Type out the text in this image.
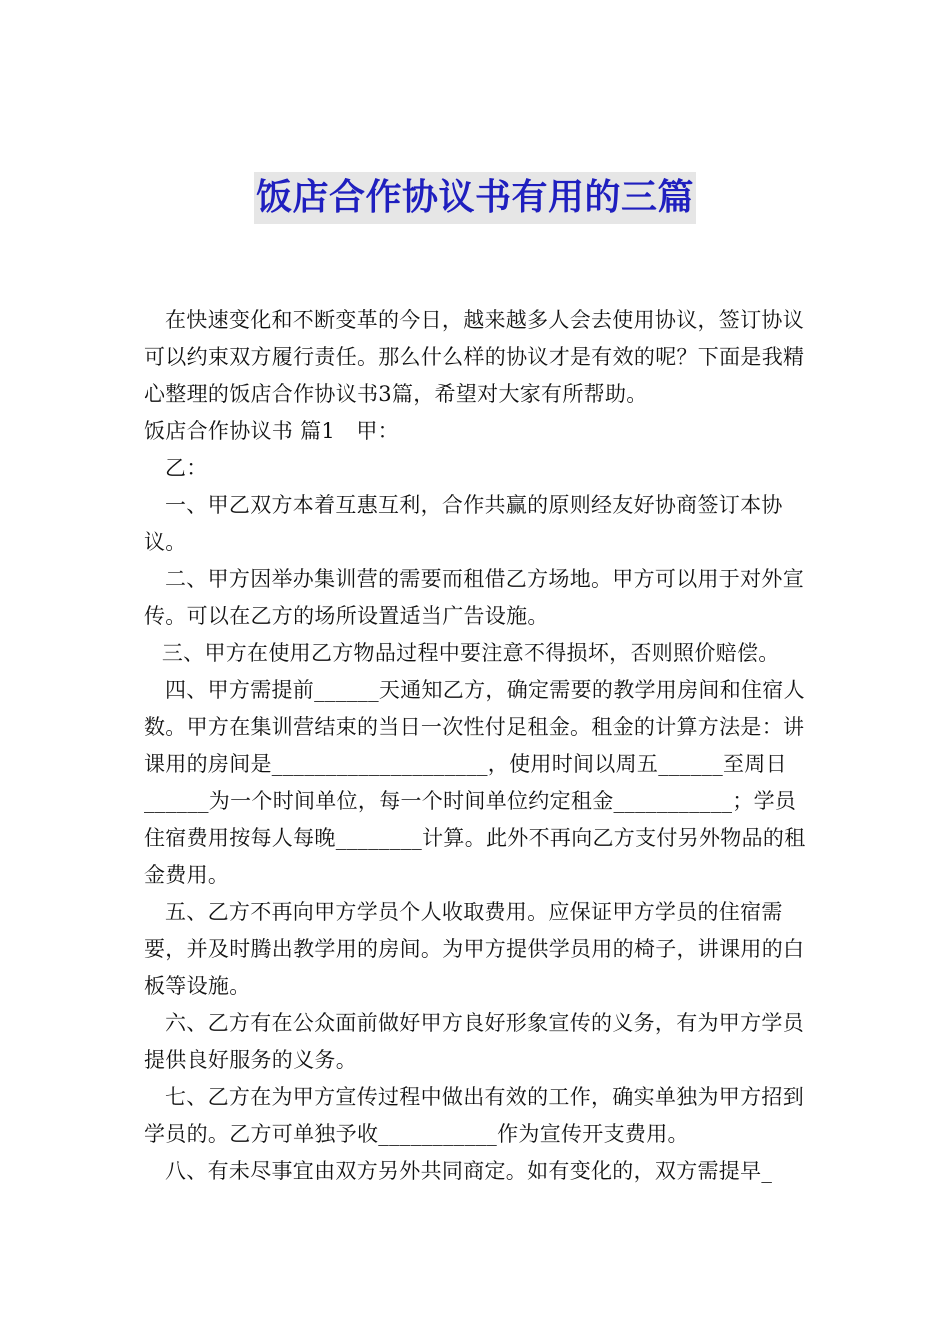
饭店合作协议书有用的三篇

在快速变化和不断变革的今日，越来越多人会去使用协议，签订协议可以约束双方履行责任。那么什么样的协议才是有效的呢？下面是我精心整理的饭店合作协议书3篇，希望对大家有所帮助。

饭店合作协议书 篇1　甲：

乙：

一、甲乙双方本着互惠互利，合作共赢的原则经友好协商签订本协议。

二、甲方因举办集训营的需要而租借乙方场地。甲方可以用于对外宣传。可以在乙方的场所设置适当广告设施。

三、甲方在使用乙方物品过程中要注意不得损坏，否则照价赔偿。

四、甲方需提前______天通知乙方，确定需要的教学用房间和住宿人数。甲方在集训营结束的当日一次性付足租金。租金的计算方法是：讲课用的房间是____________________，使用时间以周五______至周日______为一个时间单位，每一个时间单位约定租金___________；学员住宿费用按每人每晚________计算。此外不再向乙方支付另外物品的租金费用。

五、乙方不再向甲方学员个人收取费用。应保证甲方学员的住宿需要，并及时腾出教学用的房间。为甲方提供学员用的椅子，讲课用的白板等设施。

六、乙方有在公众面前做好甲方良好形象宣传的义务，有为甲方学员提供良好服务的义务。

七、乙方在为甲方宣传过程中做出有效的工作，确实单独为甲方招到学员的。乙方可单独予收___________作为宣传开支费用。

八、有未尽事宜由双方另外共同商定。如有变化的，双方需提早_
